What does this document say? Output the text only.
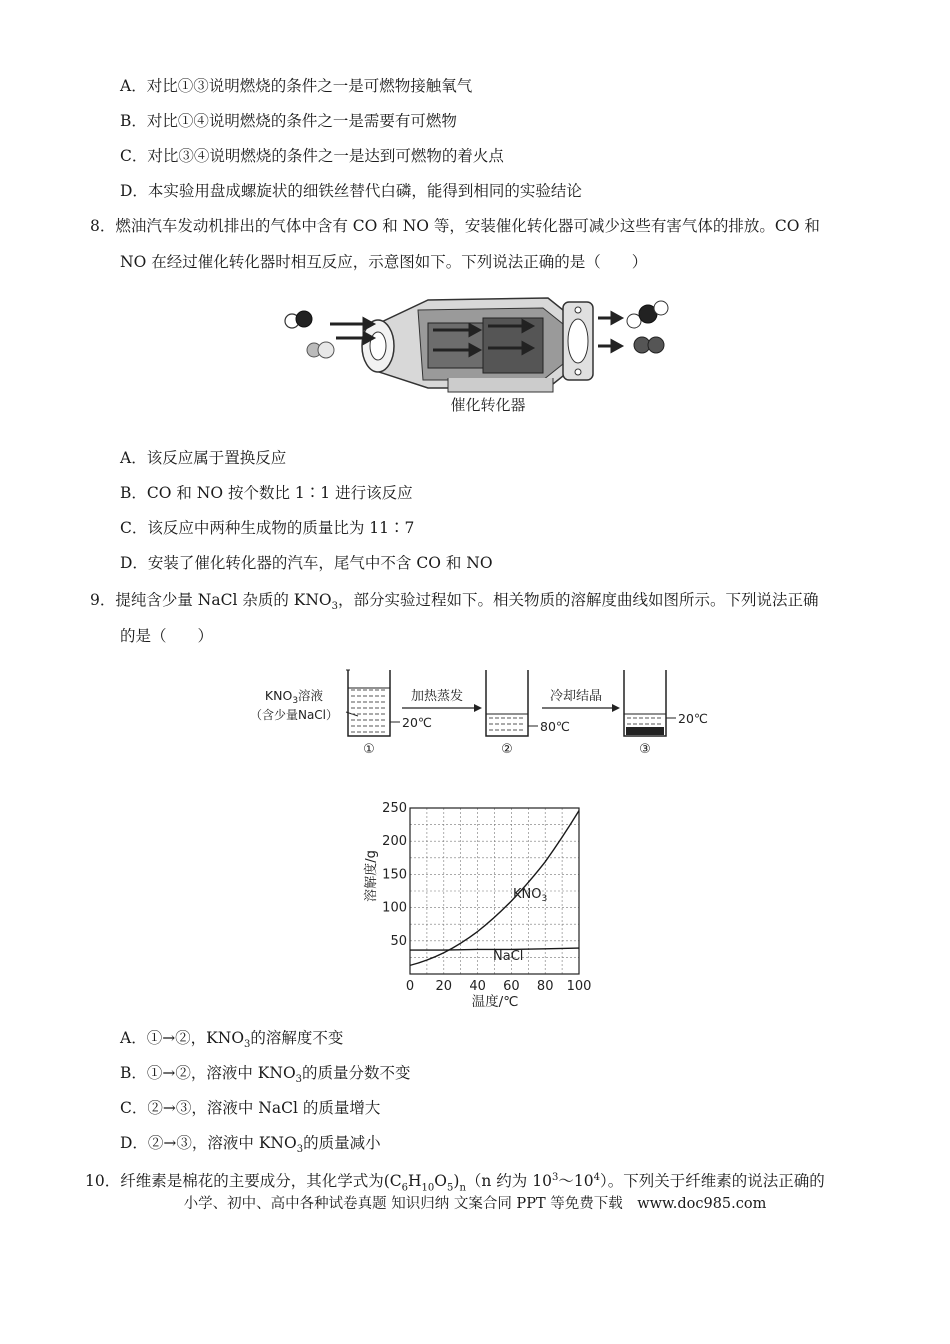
A．对比①③说明燃烧的条件之一是可燃物接触氧气
B．对比①④说明燃烧的条件之一是需要有可燃物
C．对比③④说明燃烧的条件之一是达到可燃物的着火点
D．本实验用盘成螺旋状的细铁丝替代白磷，能得到相同的实验结论
8．燃油汽车发动机排出的气体中含有 CO 和 NO 等，安装催化转化器可减少这些有害气体的排放。CO 和
NO 在经过催化转化器时相互反应，示意图如下。下列说法正确的是（　　）
催化转化器
A．该反应属于置换反应
B．CO 和 NO 按个数比 1∶1 进行该反应
C．该反应中两种生成物的质量比为 11∶7
D．安装了催化转化器的汽车，尾气中不含 CO 和 NO
9．提纯含少量 NaCl 杂质的 $KNO_3$，部分实验过程如下。相关物质的溶解度曲线如图所示。下列说法正确
的是（　　）
$KNO_3$溶液
（含少量NaCl）	20℃
①
加热蒸发
80℃
②
冷却结晶
20℃
③
0 20 40 60 80 100
50
100
150
200
250
溶解度/g
温度/℃
$KNO_3$
NaCl
A．①→②，$KNO_3$的溶解度不变
B．①→②，溶液中 $KNO_3$的质量分数不变
C．②→③，溶液中 NaCl 的质量增大
D．②→③，溶液中 $KNO_3$的质量减小
10．纤维素是棉花的主要成分，其化学式为$(C_6H_{10}O_5)_n(n$ 约为 $10^3\sim 10^4$）。下列关于纤维素的说法正确的
小学、初中、高中各种试卷真题 知识归纳 文案合同 PPT 等免费下载　www.doc985.com
